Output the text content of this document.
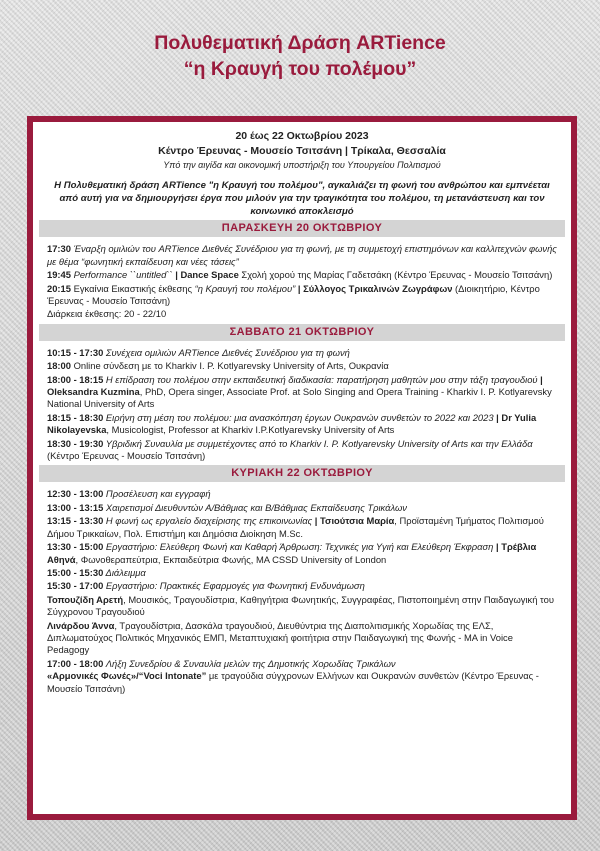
Πολυθεματική Δράση ARTience
“η Κραυγή του πολέμου”
20 έως 22 Οκτωβρίου 2023
Κέντρο Έρευνας - Μουσείο Τσιτσάνη | Τρίκαλα, Θεσσαλία
Υπό την αιγίδα και οικονομική υποστήριξη του Υπουργείου Πολιτισμού
Η Πολυθεματική δράση ARTience "η Κραυγή του πολέμου", αγκαλιάζει τη φωνή του ανθρώπου και εμπνέεται από αυτή για να δημιουργήσει έργα που μιλούν για την τραγικότητα του πολέμου, τη μετανάστευση και τον κοινωνικό αποκλεισμό
ΠΑΡΑΣΚΕΥΗ 20 ΟΚΤΩΒΡΙΟΥ
17:30 Έναρξη ομιλιών του ARTience Διεθνές Συνέδριου για τη φωνή, με τη συμμετοχή επιστημόνων και καλλιτεχνών φωνής με θέμα “φωνητική εκπαίδευση και νέες τάσεις”
19:45 Performance ``untitled`` | Dance Space Σχολή χορού της Μαρίας Γαδετσάκη (Κέντρο Έρευνας - Μουσείο Τσιτσάνη)
20:15 Εγκαίνια Εικαστικής έκθεσης “η Κραυγή του πολέμου” | Σύλλογος Τρικαλινών Ζωγράφων (Διοικητήριο, Κέντρο Έρευνας - Μουσείο Τσιτσάνη)
Διάρκεια έκθεσης: 20 - 22/10
ΣΑΒΒΑΤΟ 21 ΟΚΤΩΒΡΙΟΥ
10:15 - 17:30 Συνέχεια ομιλιών ARTience Διεθνές Συνέδριου για τη φωνή
18:00 Online σύνδεση με το Kharkiv I. P. Kotlyarevsky University of Arts, Ουκρανία
18:00 - 18:15 Η επίδραση του πολέμου στην εκπαιδευτική διαδικασία: παρατήρηση μαθητών μου στην τάξη τραγουδιού | Oleksandra Kuzmina, PhD, Opera singer, Associate Prof. at Solo Singing and Opera Training - Kharkiv I. P. Kotlyarevsky National University of Arts
18:15 - 18:30 Ειρήνη στη μέση του πολέμου: μια ανασκόπηση έργων Ουκρανών συνθετών το 2022 και 2023 | Dr Yulia Nikolayevska, Musicologist, Professor at Kharkiv I.P.Kotlyarevsky University of Arts
18:30 - 19:30 Υβριδική Συναυλία με συμμετέχοντες από το Kharkiv I. P. Kotlyarevsky University of Arts και την Ελλάδα (Κέντρο Έρευνας - Μουσείο Τσιτσάνη)
ΚΥΡΙΑΚΗ 22 ΟΚΤΩΒΡΙΟΥ
12:30 - 13:00 Προσέλευση και εγγραφή
13:00 - 13:15 Χαιρετισμοί Διευθυντών Α/Βάθμιας και Β/Βάθμιας Εκπαίδευσης Τρικάλων
13:15 - 13:30 Η φωνή ως εργαλείο διαχείρισης της επικοινωνίας | Τσιούτσια Μαρία, Προϊσταμένη Τμήματος Πολιτισμού Δήμου Τρικκαίων, Πολ. Επιστήμη και Δημόσια Διοίκηση M.Sc.
13:30 - 15:00 Εργαστήριο: Ελεύθερη Φωνή και Καθαρή Άρθρωση: Τεχνικές για Υγιή και Ελεύθερη Έκφραση | Τρέβλια Αθηνά, Φωνοθεραπεύτρια, Εκπαιδεύτρια Φωνής, MA CSSD University of London
15:00 - 15:30 Διάλειμμα
15:30 - 17:00 Εργαστήριο: Πρακτικές Εφαρμογές για Φωνητική Ενδυνάμωση
Τοπουζίδη Αρετή, Μουσικός, Τραγουδίστρια, Καθηγήτρια Φωνητικής, Συγγραφέας, Πιστοποιημένη στην Παιδαγωγική του Σύγχρονου Τραγουδιού
Λινάρδου Άννα, Τραγουδίστρια, Δασκάλα τραγουδιού, Διευθύντρια της Διαπολιτισμικής Χορωδίας της ΕΛΣ, Διπλωματούχος Πολιτικός Μηχανικός ΕΜΠ, Μεταπτυχιακή φοιτήτρια στην Παιδαγωγική της Φωνής - MA in Voice Pedagogy
17:00 - 18:00 Λήξη Συνεδρίου & Συναυλία μελών της Δημοτικής Χορωδίας Τρικάλων
«Αρμονικές Φωνές»/“Voci Intonate” με τραγούδια σύγχρονων Ελλήνων και Ουκρανών συνθετών (Κέντρο Έρευνας - Μουσείο Τσιτσάνη)
